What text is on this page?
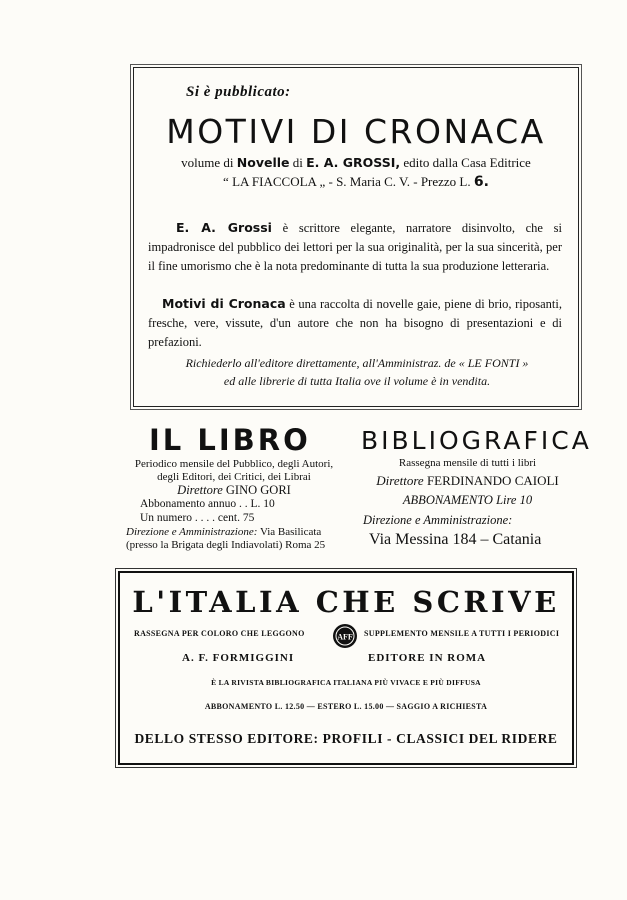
Si è pubblicato:
MOTIVI DI CRONACA
volume di Novelle di E. A. GROSSI, edito dalla Casa Editrice
“ LA FIACCOLA „ - S. Maria C. V. - Prezzo L. 6.
E. A. Grossi è scrittore elegante, narratore disinvolto, che si impadronisce del pubblico dei lettori per la sua originalità, per la sua sincerità, per il fine umorismo che è la nota predominante di tutta la sua produzione letteraria.
Motivi di Cronaca è una raccolta di novelle gaie, piene di brio, riposanti, fresche, vere, vissute, d'un autore che non ha bisogno di presentazioni e di prefazioni.
Richiederlo all'editore direttamente, all'Amministraz. de « LE FONTI »
ed alle librerie di tutta Italia ove il volume è in vendita.
IL LIBRO
Periodico mensile del Pubblico, degli Autori,
degli Editori, dei Critici, dei Librai
Direttore GINO GORI
Abbonamento annuo . . L. 10
Un numero . . . . cent. 75
Direzione e Amministrazione: Via Basilicata
(presso la Brigata degli Indiavolati) Roma 25
BIBLIOGRAFICA
Rassegna mensile di tutti i libri
Direttore FERDINANDO CAIOLI
ABBONAMENTO Lire 10
Direzione e Amministrazione:
Via Messina 184 – Catania
L'ITALIA CHE SCRIVE
RASSEGNA PER COLORO CHE LEGGONO	AFF SUPPLEMENTO MENSILE A TUTTI I PERIODICI
A. F. FORMIGGINI	EDITORE IN ROMA
È LA RIVISTA BIBLIOGRAFICA ITALIANA PIÙ VIVACE E PIÙ DIFFUSA
ABBONAMENTO L. 12.50 — ESTERO L. 15.00 — SAGGIO A RICHIESTA
DELLO STESSO EDITORE: PROFILI - CLASSICI DEL RIDERE
